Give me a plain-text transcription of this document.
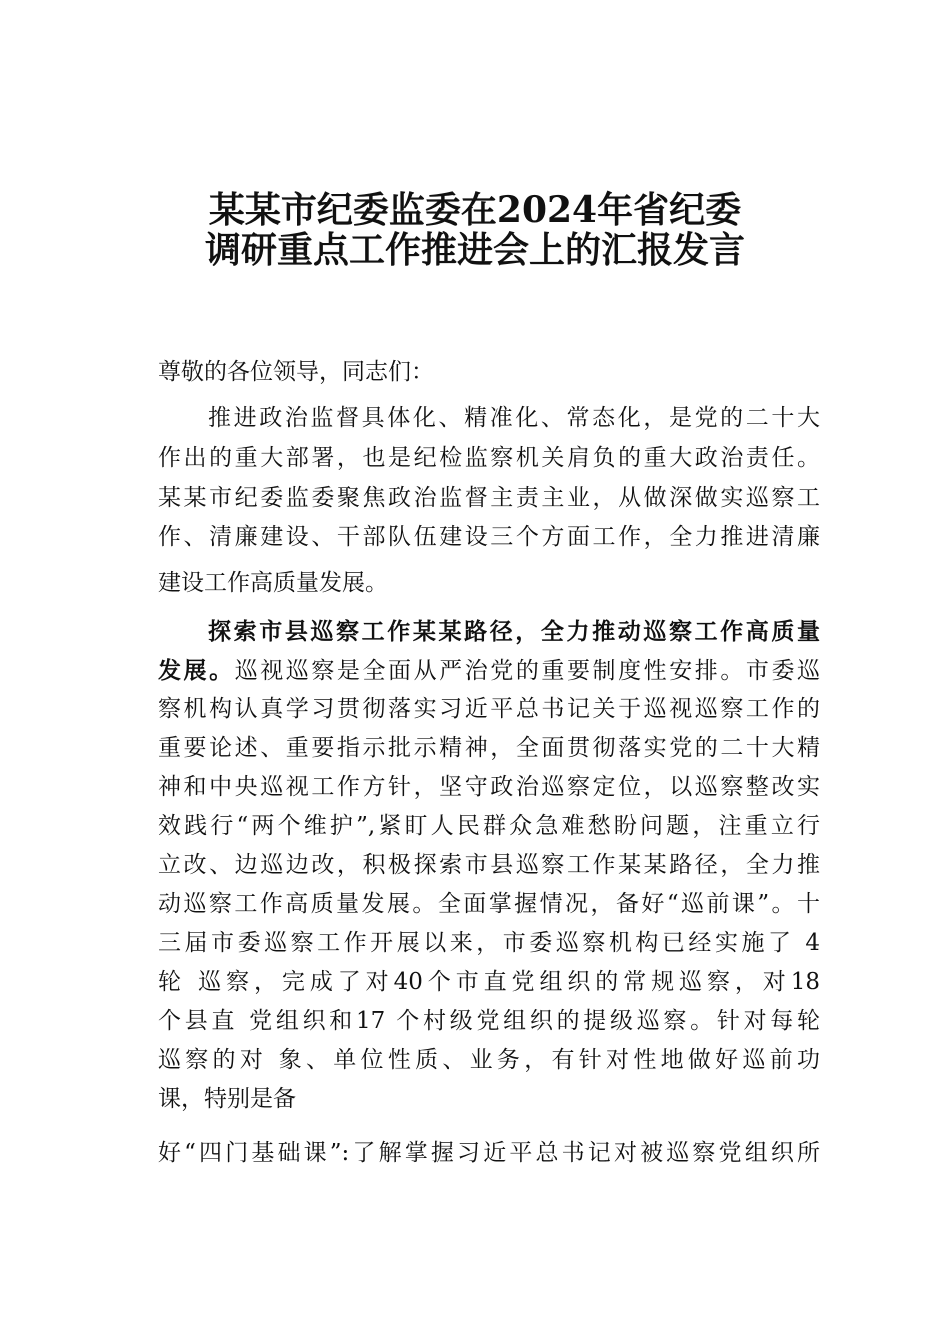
某某市纪委监委在2024年省纪委
调研重点工作推进会上的汇报发言
尊敬的各位领导，同志们：
推进政治监督具体化、精准化、常态化，是党的二十大
作出的重大部署，也是纪检监察机关肩负的重大政治责任。
某某市纪委监委聚焦政治监督主责主业，从做深做实巡察工
作、清廉建设、干部队伍建设三个方面工作，全力推进清廉
建设工作高质量发展。
探索市县巡察工作某某路径，全力推动巡察工作高质量
发展。巡视巡察是全面从严治党的重要制度性安排。市委巡
察机构认真学习贯彻落实习近平总书记关于巡视巡察工作的
重要论述、重要指示批示精神，全面贯彻落实党的二十大精
神和中央巡视工作方针，坚守政治巡察定位，以巡察整改实
效践行“两个维护”,紧盯人民群众急难愁盼问题，注重立行
立改、边巡边改，积极探索市县巡察工作某某路径，全力推
动巡察工作高质量发展。全面掌握情况，备好“巡前课”。十
三届市委巡察工作开展以来，市委巡察机构已经实施了 4
轮 巡察，完成了对40个市直党组织的常规巡察，对18
个县直 党组织和17 个村级党组织的提级巡察。针对每轮
巡察的对 象、单位性质、业务，有针对性地做好巡前功
课，特别是备
好“四门基础课”:了解掌握习近平总书记对被巡察党组织所
